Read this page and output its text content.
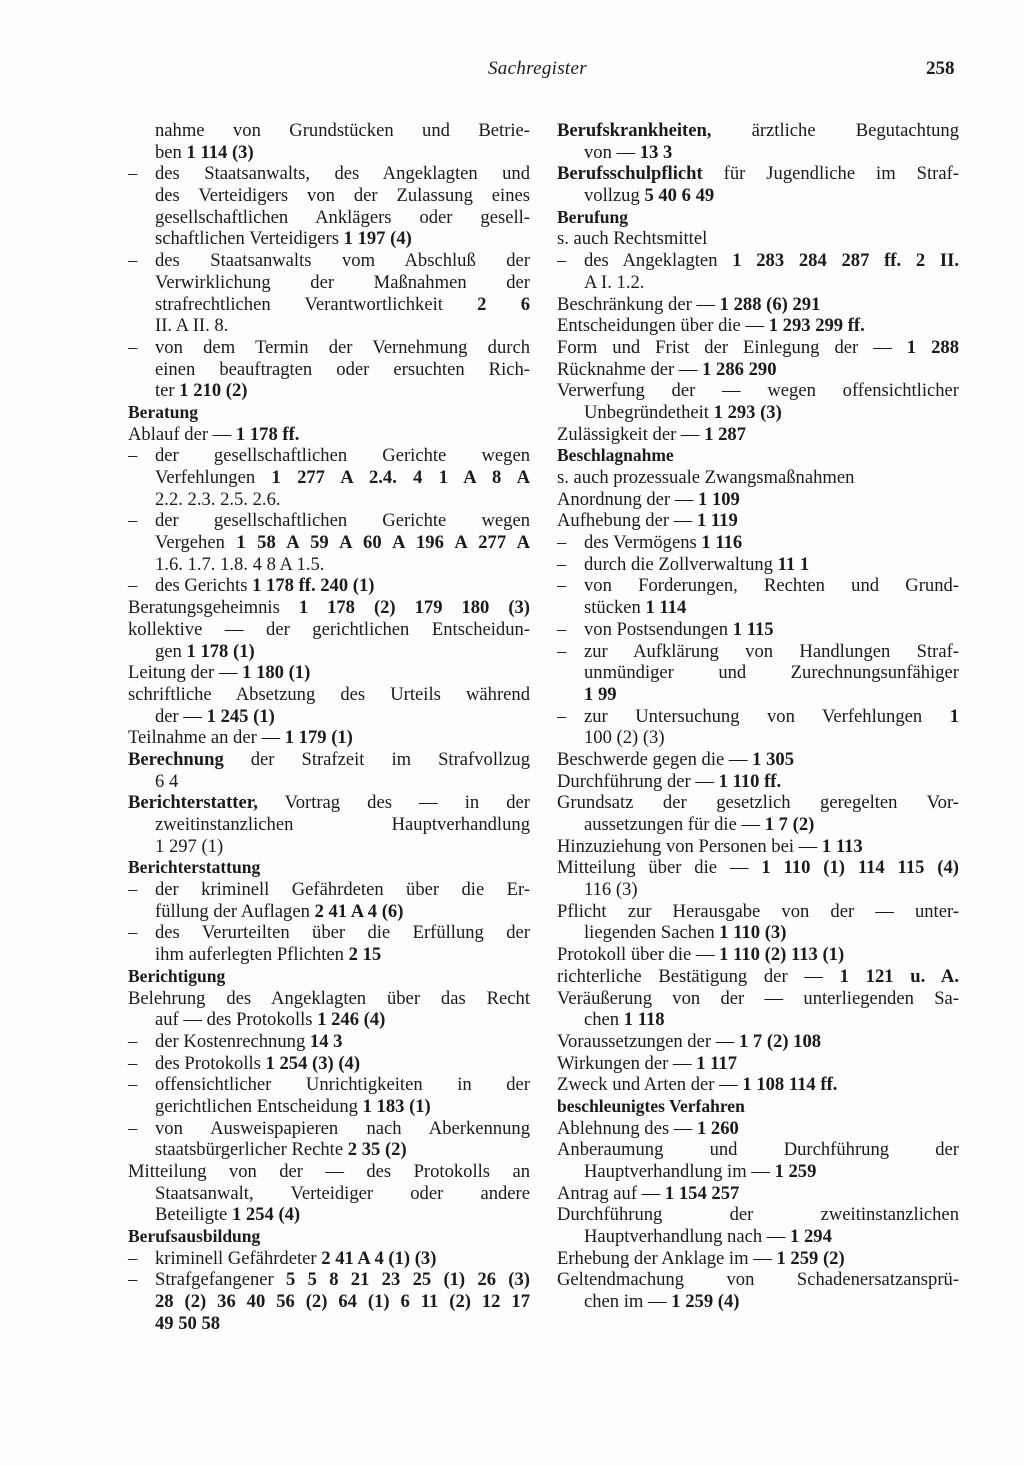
Sachregister	258
nahme von Grundstücken und Betrie-
ben 1 114 (3)
– des Staatsanwalts, des Angeklagten und
des Verteidigers von der Zulassung eines
gesellschaftlichen Anklägers oder gesell-
schaftlichen Verteidigers 1 197 (4)
– des Staatsanwalts vom Abschluß der
Verwirklichung der Maßnahmen der
strafrechtlichen Verantwortlichkeit 2 6
II. A II. 8.
– von dem Termin der Vernehmung durch
einen beauftragten oder ersuchten Rich-
ter 1 210 (2)
Beratung
Ablauf der — 1 178 ff.
– der gesellschaftlichen Gerichte wegen
Verfehlungen 1 277 A 2.4. 4 1 A 8 A
2.2. 2.3. 2.5. 2.6.
– der gesellschaftlichen Gerichte wegen
Vergehen 1 58 A 59 A 60 A 196 A 277 A
1.6. 1.7. 1.8. 4 8 A 1.5.
– des Gerichts 1 178 ff. 240 (1)
Beratungsgeheimnis 1 178 (2) 179 180 (3)
kollektive — der gerichtlichen Entscheidun-
gen 1 178 (1)
Leitung der — 1 180 (1)
schriftliche Absetzung des Urteils während
der — 1 245 (1)
Teilnahme an der — 1 179 (1)
Berechnung der Strafzeit im Strafvollzug
6 4
Berichterstatter, Vortrag des — in der
zweitinstanzlichen Hauptverhandlung
1 297 (1)
Berichterstattung
– der kriminell Gefährdeten über die Er-
füllung der Auflagen 2 41 A 4 (6)
– des Verurteilten über die Erfüllung der
ihm auferlegten Pflichten 2 15
Berichtigung
Belehrung des Angeklagten über das Recht
auf — des Protokolls 1 246 (4)
– der Kostenrechnung 14 3
– des Protokolls 1 254 (3) (4)
– offensichtlicher Unrichtigkeiten in der
gerichtlichen Entscheidung 1 183 (1)
– von Ausweispapieren nach Aberkennung
staatsbürgerlicher Rechte 2 35 (2)
Mitteilung von der — des Protokolls an
Staatsanwalt, Verteidiger oder andere
Beteiligte 1 254 (4)
Berufsausbildung
– kriminell Gefährdeter 2 41 A 4 (1) (3)
– Strafgefangener 5 5 8 21 23 25 (1) 26 (3)
28 (2) 36 40 56 (2) 64 (1) 6 11 (2) 12 17
49 50 58
Berufskrankheiten, ärztliche Begutachtung
von — 13 3
Berufsschulpflicht für Jugendliche im Straf-
vollzug 5 40 6 49
Berufung
s. auch Rechtsmittel
– des Angeklagten 1 283 284 287 ff. 2 II.
A I. 1.2.
Beschränkung der — 1 288 (6) 291
Entscheidungen über die — 1 293 299 ff.
Form und Frist der Einlegung der — 1 288
Rücknahme der — 1 286 290
Verwerfung der — wegen offensichtlicher
Unbegründetheit 1 293 (3)
Zulässigkeit der — 1 287
Beschlagnahme
s. auch prozessuale Zwangsmaßnahmen
Anordnung der — 1 109
Aufhebung der — 1 119
– des Vermögens 1 116
– durch die Zollverwaltung 11 1
– von Forderungen, Rechten und Grund-
stücken 1 114
– von Postsendungen 1 115
– zur Aufklärung von Handlungen Straf-
unmündiger und Zurechnungsunfähiger
1 99
– zur Untersuchung von Verfehlungen 1
100 (2) (3)
Beschwerde gegen die — 1 305
Durchführung der — 1 110 ff.
Grundsatz der gesetzlich geregelten Vor-
aussetzungen für die — 1 7 (2)
Hinzuziehung von Personen bei — 1 113
Mitteilung über die — 1 110 (1) 114 115 (4)
116 (3)
Pflicht zur Herausgabe von der — unter-
liegenden Sachen 1 110 (3)
Protokoll über die — 1 110 (2) 113 (1)
richterliche Bestätigung der — 1 121 u. A.
Veräußerung von der — unterliegenden Sa-
chen 1 118
Voraussetzungen der — 1 7 (2) 108
Wirkungen der — 1 117
Zweck und Arten der — 1 108 114 ff.
beschleunigtes Verfahren
Ablehnung des — 1 260
Anberaumung und Durchführung der
Hauptverhandlung im — 1 259
Antrag auf — 1 154 257
Durchführung der zweitinstanzlichen
Hauptverhandlung nach — 1 294
Erhebung der Anklage im — 1 259 (2)
Geltendmachung von Schadenersatzansprü-
chen im — 1 259 (4)
